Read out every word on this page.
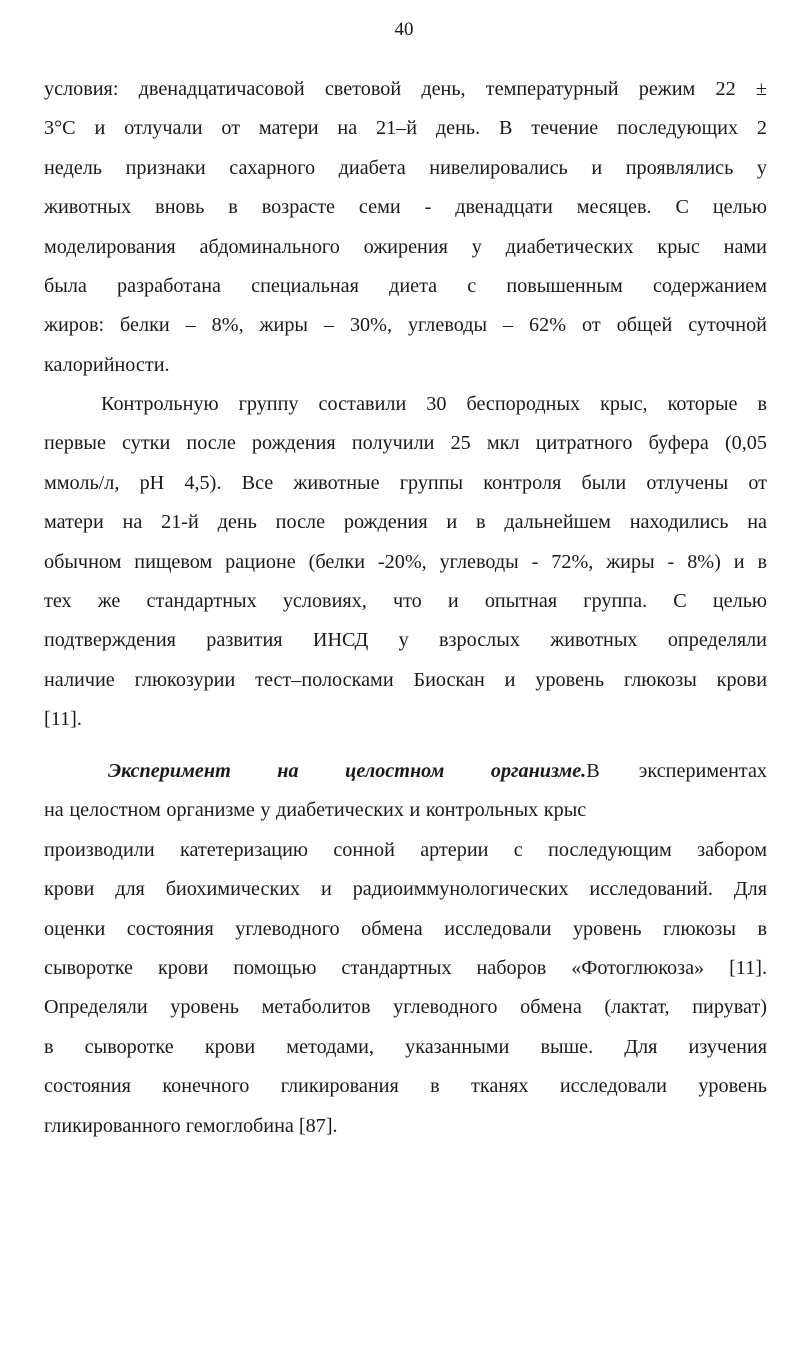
40
условия: двенадцатичасовой световой день, температурный режим 22 ±
3°С и отлучали от матери на 21–й день. В течение последующих 2
недель признаки сахарного диабета нивелировались и проявлялись у
животных вновь в возрасте семи - двенадцати месяцев. С целью
моделирования абдоминального ожирения у диабетических крыс нами
была разработана специальная диета с повышенным содержанием
жиров: белки – 8%, жиры – 30%, углеводы – 62% от общей суточной
калорийности.
Контрольную группу составили 30 беспородных крыс, которые в
первые сутки после рождения получили 25 мкл цитратного буфера (0,05
ммоль/л, рН 4,5). Все животные группы контроля были отлучены от
матери на 21-й день после рождения и в дальнейшем находились на
обычном пищевом рационе (белки -20%, углеводы - 72%, жиры - 8%) и в
тех же стандартных условиях, что и опытная группа. С целью
подтверждения развития ИНСД у взрослых животных определяли
наличие глюкозурии тест–полосками Биоскан и уровень глюкозы крови
[11].
Эксперимент на целостном организме. В экспериментах
на целостном организме у диабетических и контрольных крыс
производили катетеризацию сонной артерии с последующим забором
крови для биохимических и радиоиммунологических исследований. Для
оценки состояния углеводного обмена исследовали уровень глюкозы в
сыворотке крови помощью стандартных наборов «Фотоглюкоза» [11].
Определяли уровень метаболитов углеводного обмена (лактат, пируват)
в сыворотке крови методами, указанными выше. Для изучения
состояния конечного гликирования в тканях исследовали уровень
гликированного гемоглобина [87].
